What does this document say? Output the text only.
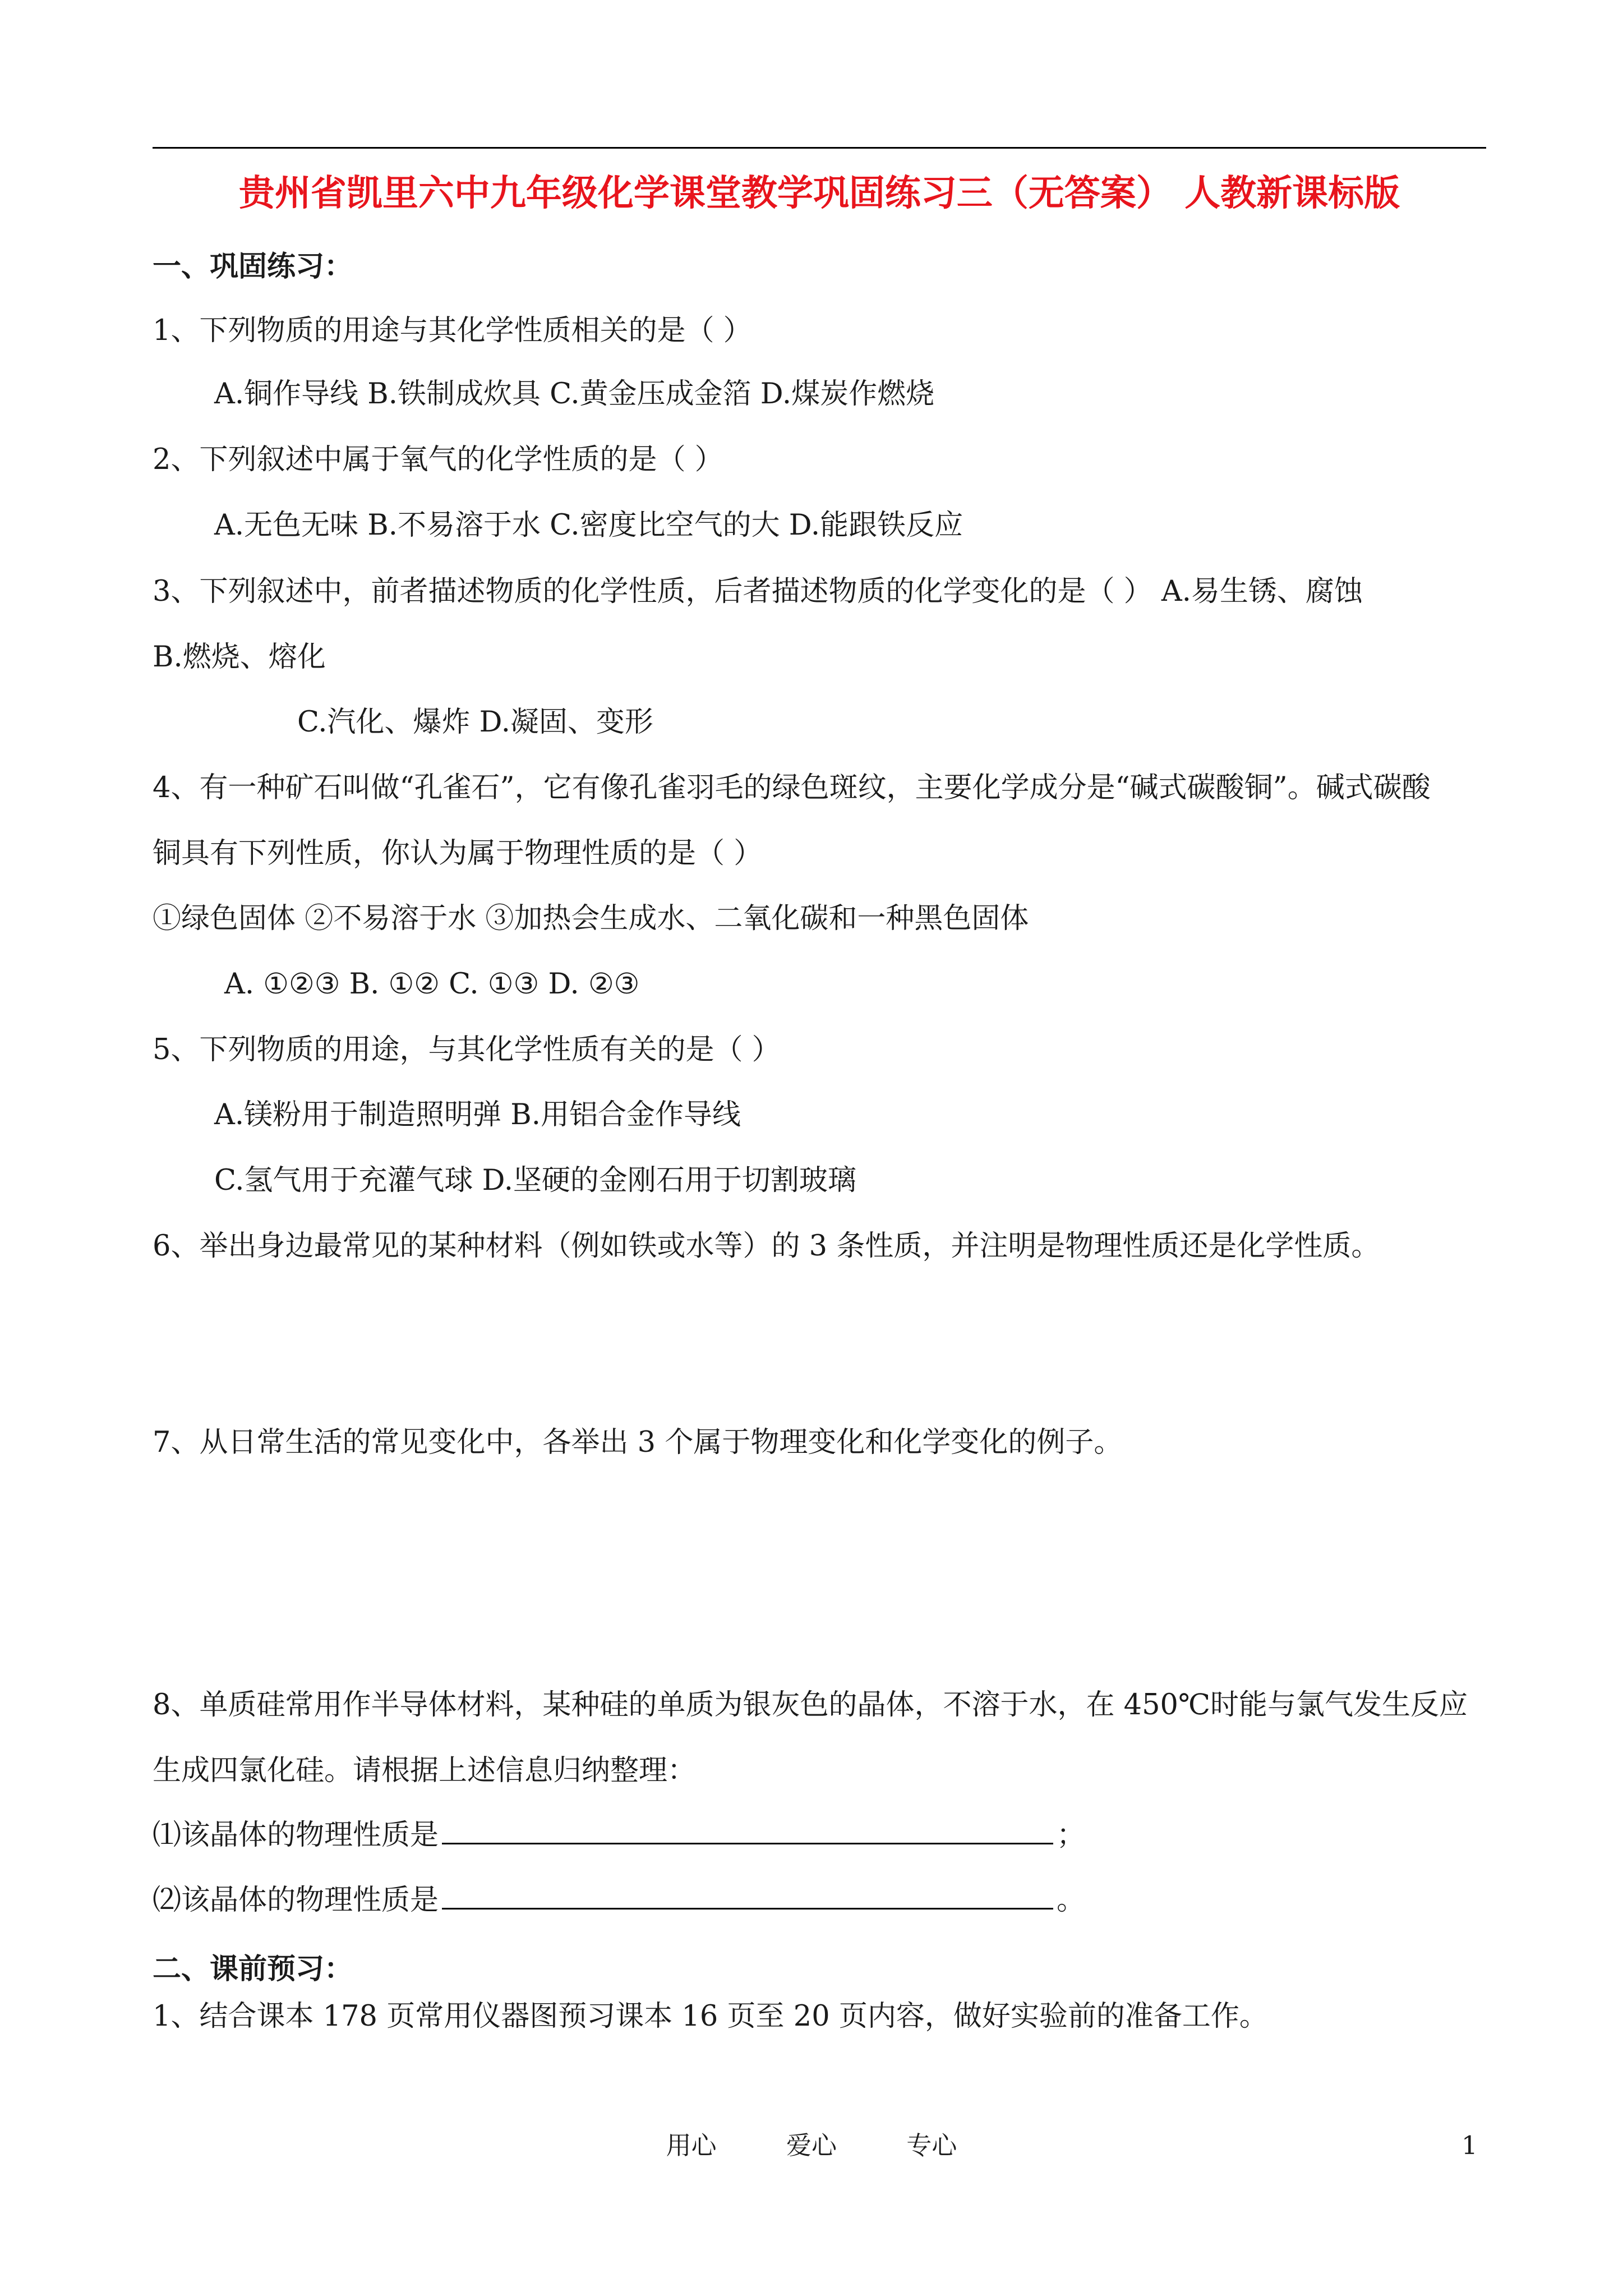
贵州省凯里六中九年级化学课堂教学巩固练习三（无答案） 人教新课标版
一、巩固练习：
1、下列物质的用途与其化学性质相关的是（ ）
A.铜作导线 B.铁制成炊具 C.黄金压成金箔 D.煤炭作燃烧
2、下列叙述中属于氧气的化学性质的是（ ）
A.无色无味 B.不易溶于水 C.密度比空气的大 D.能跟铁反应
3、下列叙述中，前者描述物质的化学性质，后者描述物质的化学变化的是（ ） A.易生锈、腐蚀
B.燃烧、熔化
C.汽化、爆炸 D.凝固、变形
4、有一种矿石叫做“孔雀石”，它有像孔雀羽毛的绿色斑纹，主要化学成分是“碱式碳酸铜”。碱式碳酸
铜具有下列性质，你认为属于物理性质的是（ ）
①绿色固体 ②不易溶于水 ③加热会生成水、二氧化碳和一种黑色固体
A. ①②③ B. ①② C. ①③ D. ②③
5、下列物质的用途，与其化学性质有关的是（ ）
A.镁粉用于制造照明弹 B.用铝合金作导线
C.氢气用于充灌气球 D.坚硬的金刚石用于切割玻璃
6、举出身边最常见的某种材料（例如铁或水等）的 3 条性质，并注明是物理性质还是化学性质。
7、从日常生活的常见变化中，各举出 3 个属于物理变化和化学变化的例子。
8、单质硅常用作半导体材料，某种硅的单质为银灰色的晶体，不溶于水，在 450℃时能与氯气发生反应
生成四氯化硅。请根据上述信息归纳整理：
⑴该晶体的物理性质是	；
⑵该晶体的物理性质是	。
二、课前预习：
1、结合课本 178 页常用仪器图预习课本 16 页至 20 页内容，做好实验前的准备工作。
用心	爱心	专心	1
